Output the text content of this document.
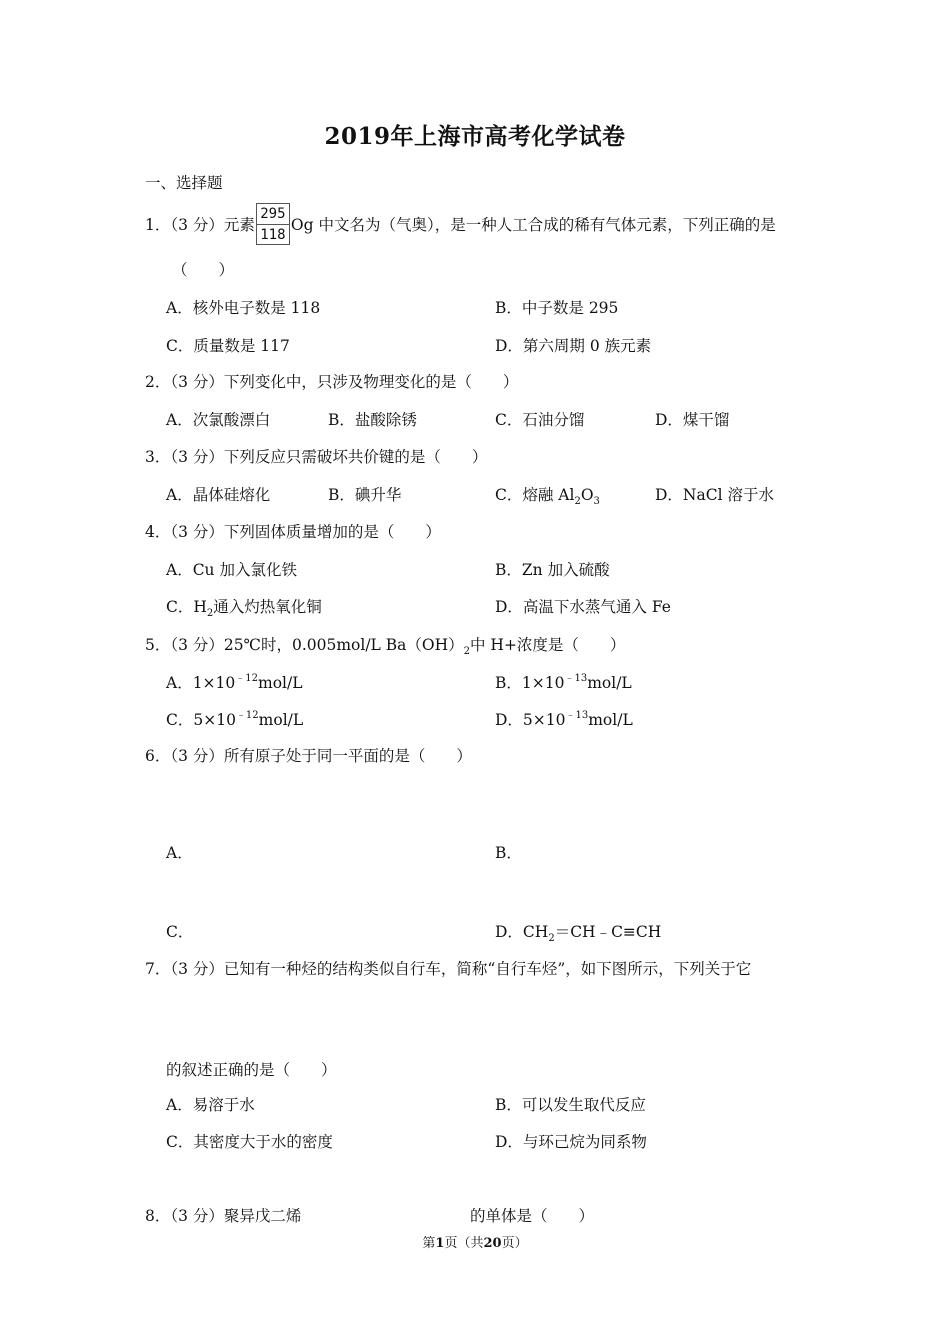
2019年上海市高考化学试卷
一、选择题
1．（3 分）元素 $\frac{295}{118}$ Og 中文名为（气奥），是一种人工合成的稀有气体元素，下列正确的是
（　　）
A．核外电子数是 118	B．中子数是 295
C．质量数是 117	D．第六周期 0 族元素
2．（3 分）下列变化中，只涉及物理变化的是（　　）
A．次氯酸漂白	B．盐酸除锈	C．石油分馏	D．煤干馏
3．（3 分）下列反应只需破坏共价键的是（　　）
A．晶体硅熔化	B．碘升华	C．熔融 $Al_2O_3$	D．NaCl 溶于水
4．（3 分）下列固体质量增加的是（　　）
A．Cu 加入氯化铁	B．Zn 加入硫酸
C．$H_2$通入灼热氧化铜	D．高温下水蒸气通入 Fe
5．（3 分）25℃时，0.005mol/L $Ba(OH)_2$中 H+浓度是（　　）
A．$1\times 10^{﹣12}mol/L$	B．$1\times 10^{﹣13}mol/L$
C．$5\times 10^{﹣12}mol/L$	D．$5\times 10^{﹣13}mol/L$
6．（3 分）所有原子处于同一平面的是（　　）
A．	B．
C．	D．$CH_2=CH﹣C\equiv CH$
7．（3 分）已知有一种烃的结构类似自行车，简称“自行车烃”，如下图所示，下列关于它
的叙述正确的是（　　）
A．易溶于水	B．可以发生取代反应
C．其密度大于水的密度	D．与环己烷为同系物
8．（3 分）聚异戊二烯	的单体是（　　）
第1页（共20页）
